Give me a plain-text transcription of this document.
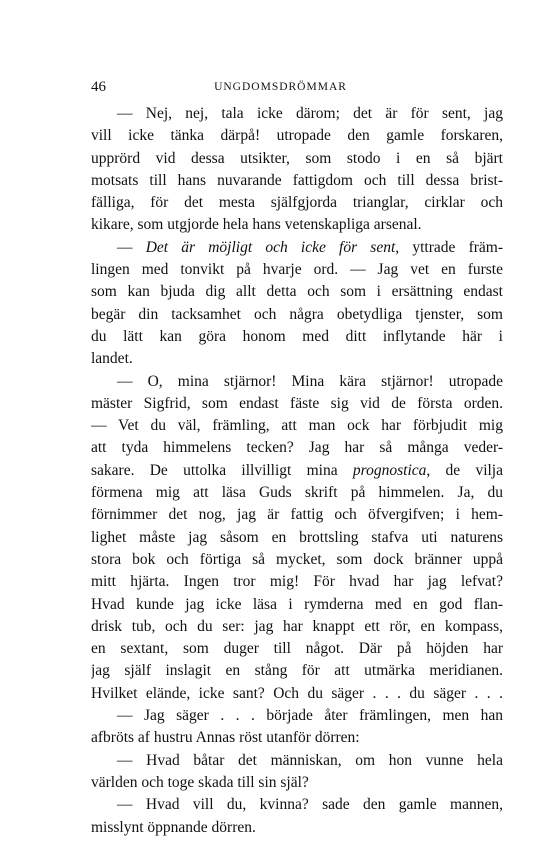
46	UNGDOMSDRÖMMAR
— Nej, nej, tala icke därom; det är för sent, jag
vill icke tänka därpå! utropade den gamle forskaren,
upprörd vid dessa utsikter, som stodo i en så bjärt
motsats till hans nuvarande fattigdom och till dessa brist-
fälliga, för det mesta själfgjorda trianglar, cirklar och
kikare, som utgjorde hela hans vetenskapliga arsenal.
— Det är möjligt och icke för sent, yttrade främ-
lingen med tonvikt på hvarje ord. — Jag vet en furste
som kan bjuda dig allt detta och som i ersättning endast
begär din tacksamhet och några obetydliga tjenster, som
du lätt kan göra honom med ditt inflytande här i
landet.
— O, mina stjärnor! Mina kära stjärnor! utropade
mäster Sigfrid, som endast fäste sig vid de första orden.
— Vet du väl, främling, att man ock har förbjudit mig
att tyda himmelens tecken? Jag har så många veder-
sakare. De uttolka illvilligt mina prognostica, de vilja
förmena mig att läsa Guds skrift på himmelen. Ja, du
förnimmer det nog, jag är fattig och öfvergifven; i hem-
lighet måste jag såsom en brottsling stafva uti naturens
stora bok och förtiga så mycket, som dock bränner uppå
mitt hjärta. Ingen tror mig! För hvad har jag lefvat?
Hvad kunde jag icke läsa i rymderna med en god flan-
drisk tub, och du ser: jag har knappt ett rör, en kompass,
en sextant, som duger till något. Där på höjden har
jag själf inslagit en stång för att utmärka meridianen.
Hvilket elände, icke sant? Och du säger . . . du säger . . .
— Jag säger . . . började åter främlingen, men han
afbröts af hustru Annas röst utanför dörren:
— Hvad båtar det människan, om hon vunne hela
världen och toge skada till sin själ?
— Hvad vill du, kvinna? sade den gamle mannen,
misslynt öppnande dörren.
